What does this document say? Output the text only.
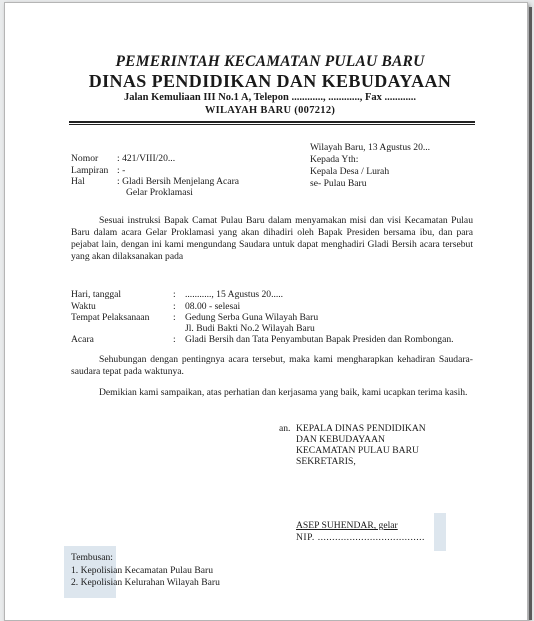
PEMERINTAH KECAMATAN PULAU BARU
DINAS PENDIDIKAN DAN KEBUDAYAAN
Jalan Kemuliaan III No.1 A, Telepon ............, ............, Fax ............
WILAYAH BARU (007212)
Wilayah Baru, 13 Agustus 20...
Kepada Yth:
Kepala Desa / Lurah
se- Pulau Baru
Nomor : 421/VIII/20...
Lampiran : -
Hal	: Gladi Bersih Menjelang Acara
Gelar Proklamasi
Sesuai instruksi Bapak Camat Pulau Baru dalam menyamakan misi dan visi Kecamatan Pulau Baru dalam acara Gelar Proklamasi yang akan dihadiri oleh Bapak Presiden bersama ibu, dan para pejabat lain, dengan ini kami mengundang Saudara untuk dapat menghadiri Gladi Bersih acara tersebut yang akan dilaksanakan pada
Hari, tanggal	: ..........., 15 Agustus 20.....
Waktu	: 08.00 - selesai
Tempat Pelaksanaan : Gedung Serba Guna Wilayah Baru
Jl. Budi Bakti No.2 Wilayah Baru
Acara	: Gladi Bersih dan Tata Penyambutan Bapak Presiden dan Rombongan.
Sehubungan dengan pentingnya acara tersebut, maka kami mengharapkan kehadiran Saudara-saudara tepat pada waktunya.
Demikian kami sampaikan, atas perhatian dan kerjasama yang baik, kami ucapkan terima kasih.
an. KEPALA DINAS PENDIDIKAN
DAN KEBUDAYAAN
KECAMATAN PULAU BARU
SEKRETARIS,
ASEP SUHENDAR, gelar
NIP. .....................................
Tembusan:
1. Kepolisian Kecamatan Pulau Baru
2. Kepolisian Kelurahan Wilayah Baru
